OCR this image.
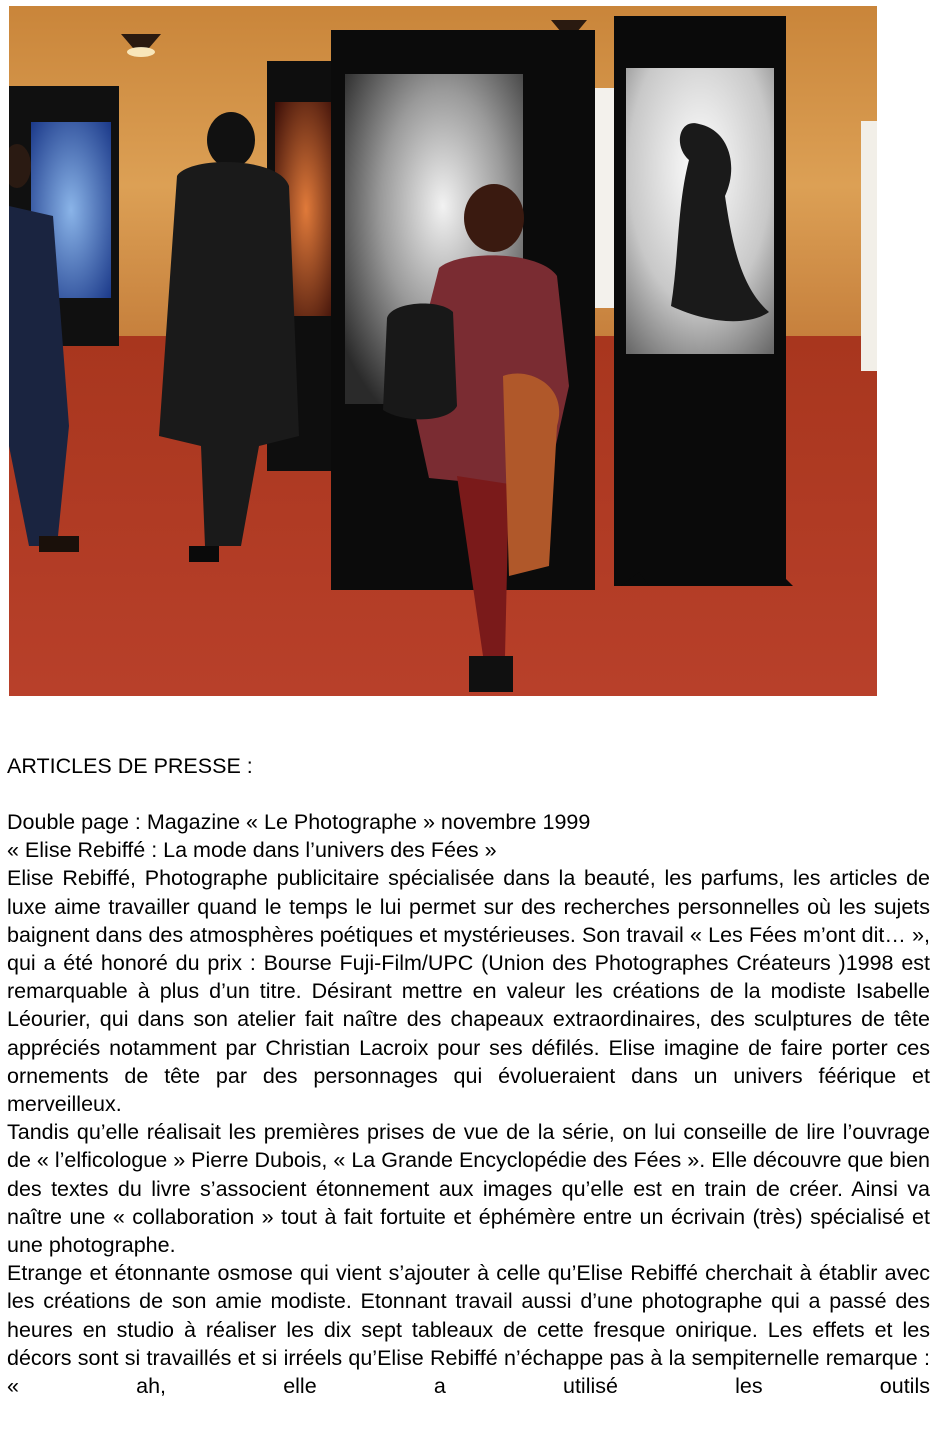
ARTICLES DE PRESSE :

Double page : Magazine « Le Photographe » novembre 1999

« Elise Rebiffé : La mode dans l’univers des Fées »

Elise Rebiffé, Photographe publicitaire spécialisée dans la beauté, les parfums, les articles de luxe aime travailler quand le temps le lui permet sur des recherches personnelles où les sujets baignent dans des atmosphères poétiques et mystérieuses. Son travail « Les Fées m’ont dit… », qui a été honoré du prix : Bourse Fuji-Film/UPC (Union des Photographes Créateurs )1998 est remarquable à plus d’un titre. Désirant mettre en valeur les créations de la modiste Isabelle Léourier, qui dans son atelier fait naître des chapeaux extraordinaires, des sculptures de tête appréciés notamment par Christian Lacroix pour ses défilés. Elise imagine de faire porter ces ornements de tête par des personnages qui évolueraient dans un univers féérique et merveilleux.

Tandis qu’elle réalisait les premières prises de vue de la série, on lui conseille de lire l’ouvrage de « l’elficologue » Pierre Dubois, « La Grande Encyclopédie des Fées ». Elle découvre que bien des textes du livre s’associent étonnement aux images qu’elle est en train de créer. Ainsi va naître une « collaboration » tout à fait fortuite et éphémère entre un écrivain (très) spécialisé et une photographe.

Etrange et étonnante osmose qui vient s’ajouter à celle qu’Elise Rebiffé cherchait à établir avec les créations de son amie modiste. Etonnant travail aussi d’une photographe qui a passé des heures en studio à réaliser les dix sept tableaux de cette fresque onirique. Les effets et les décors sont si travaillés et si irréels qu’Elise Rebiffé n’échappe pas à la sempiternelle remarque : « ah, elle a utilisé les outils
